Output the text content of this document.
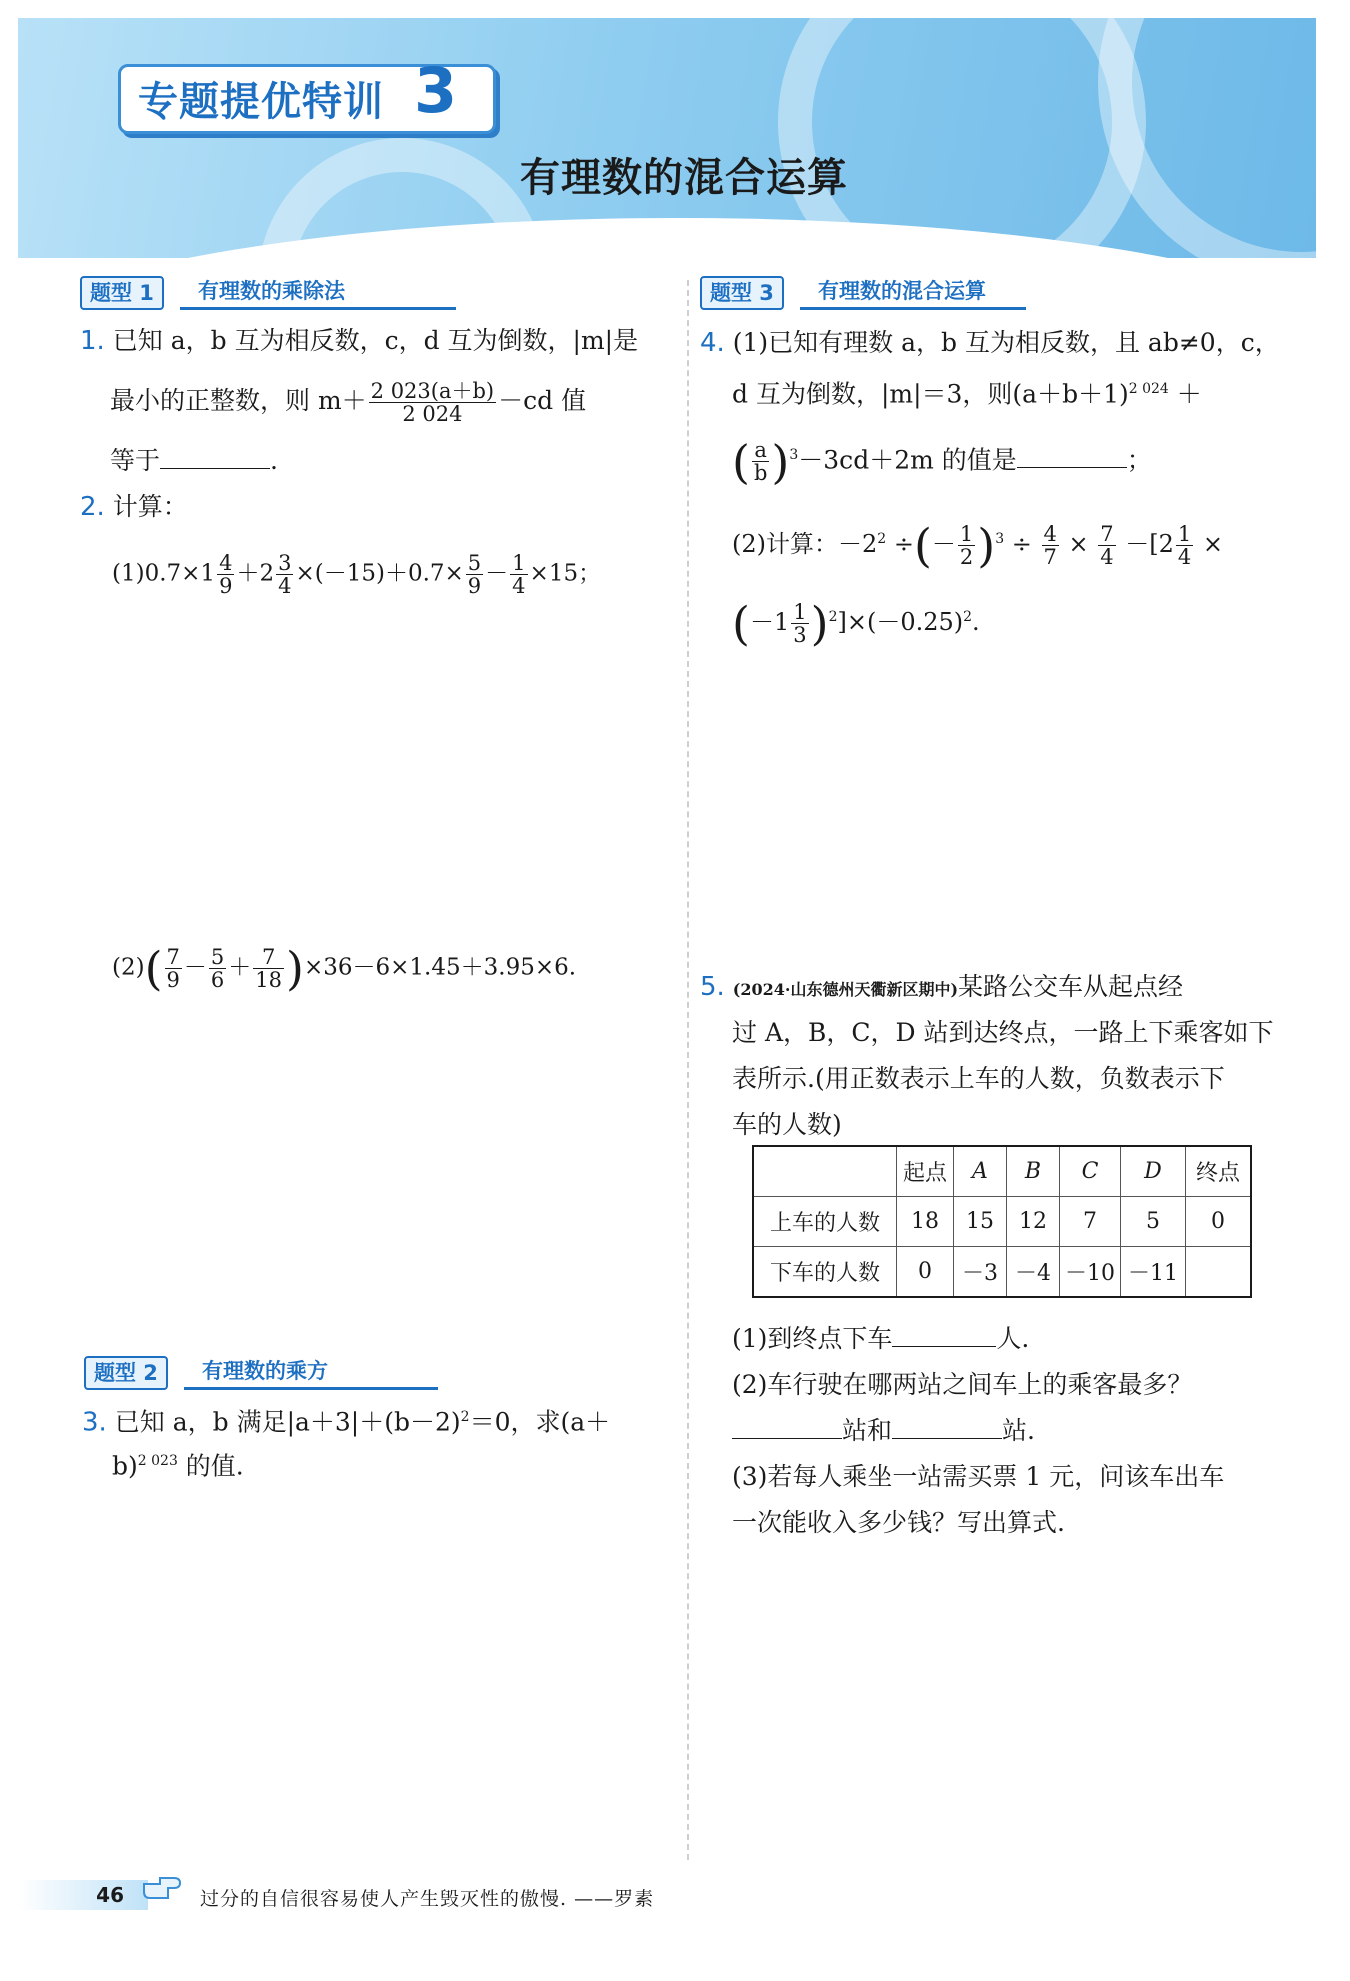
专题提优特训 3
有理数的混合运算
题型 1	有理数的乘除法
1. 已知 a，b 互为相反数，c，d 互为倒数，|m|是
最小的正整数，则 $m+ \frac{2 023(a+b)}{2 024} -cd$ 值
等于	.
2. 计算：
$(1)0.7\times 1 \frac{4}{9} +2 \frac{3}{4} \times(-15)+0.7\times \frac{5}{9} - \frac{1}{4} \times 15$；
$(2)( \frac{7}{9} - \frac{5}{6} + \frac{7}{18} )\times 36-6\times 1.45+3.95\times 6$.
题型 2	有理数的乘方
3. 已知 a，b 满足$|a+3|+(b-2)^2=0$，求(a＋
b)$^{2 023}$ 的值.
题型 3	有理数的混合运算
4. (1)已知有理数 a，b 互为相反数，且 ab≠0，c，
d 互为倒数，|m|＝3，则$(a+b+1)^{2 024}$ ＋
( $\frac{a}{b} )^3-3cd+2m$ 的值是	；
(2)计算：$-2^2$ ÷(－ $\frac{1}{2} )^3 \div \frac{4}{7} \times \frac{7}{4} -[2 \frac{1}{4}$ ×
$(-1 \frac{1}{3} )^2]\times(-0.25)^2$.
5. (2024·山东德州天衢新区期中)某路公交车从起点经
过 A，B，C，D 站到达终点，一路上下乘客如下
表所示.(用正数表示上车的人数，负数表示下
车的人数)
	起点	A	B	C	D	终点
上车的人数	18	15	12	7	5	0
下车的人数	0	－3	－4	－10	－11	
(1)到终点下车	人.
(2)车行驶在哪两站之间车上的乘客最多？
站和	站.
(3)若每人乘坐一站需买票 1 元，问该车出车
一次能收入多少钱？写出算式.
46	过分的自信很容易使人产生毁灭性的傲慢. ——罗素
